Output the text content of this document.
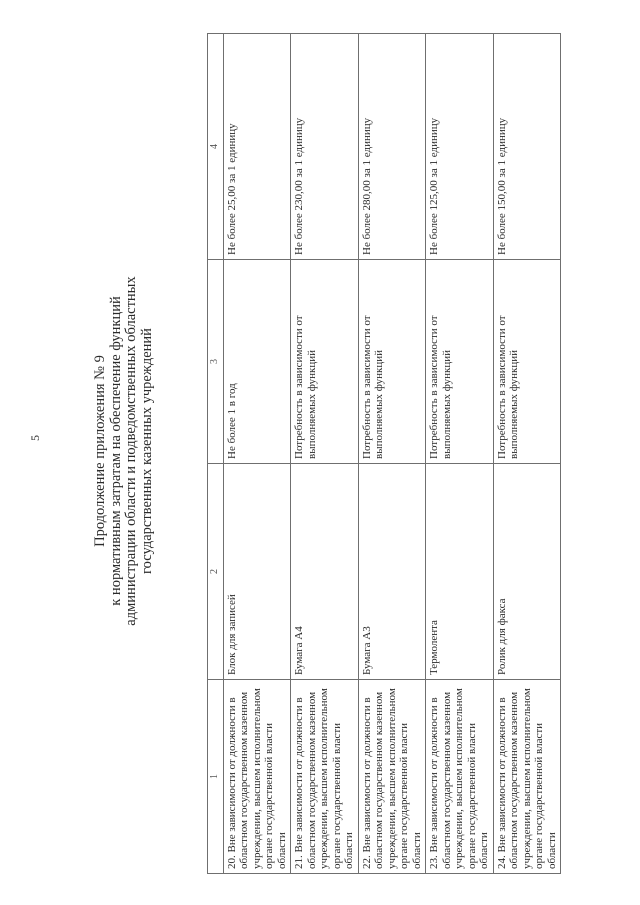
5	Продолжение приложения № 9 к нормативным затратам на обеспечение функций администрации области и подведомственных областных государственных казенных учреждений
1	2	3	4
20. Вне зависимости от должности в областном государственном казенном учреждении, высшем исполнительном органе государственной власти области	Блок для записей	Не более 1 в год	Не более 25,00 за 1 единицу
21. Вне зависимости от должности в областном государственном казенном учреждении, высшем исполнительном органе государственной власти области	Бумага А4	Потребность в зависимости от выполняемых функций	Не более 230,00 за 1 единицу
22. Вне зависимости от должности в областном государственном казенном учреждении, высшем исполнительном органе государственной власти области	Бумага А3	Потребность в зависимости от выполняемых функций	Не более 280,00 за 1 единицу
23. Вне зависимости от должности в областном государственном казенном учреждении, высшем исполнительном органе государственной власти области	Термолента	Потребность в зависимости от выполняемых функций	Не более 125,00 за 1 единицу
24. Вне зависимости от должности в областном государственном казенном учреждении, высшем исполнительном органе государственной власти области	Ролик для факса	Потребность в зависимости от выполняемых функций	Не более 150,00 за 1 единицу
